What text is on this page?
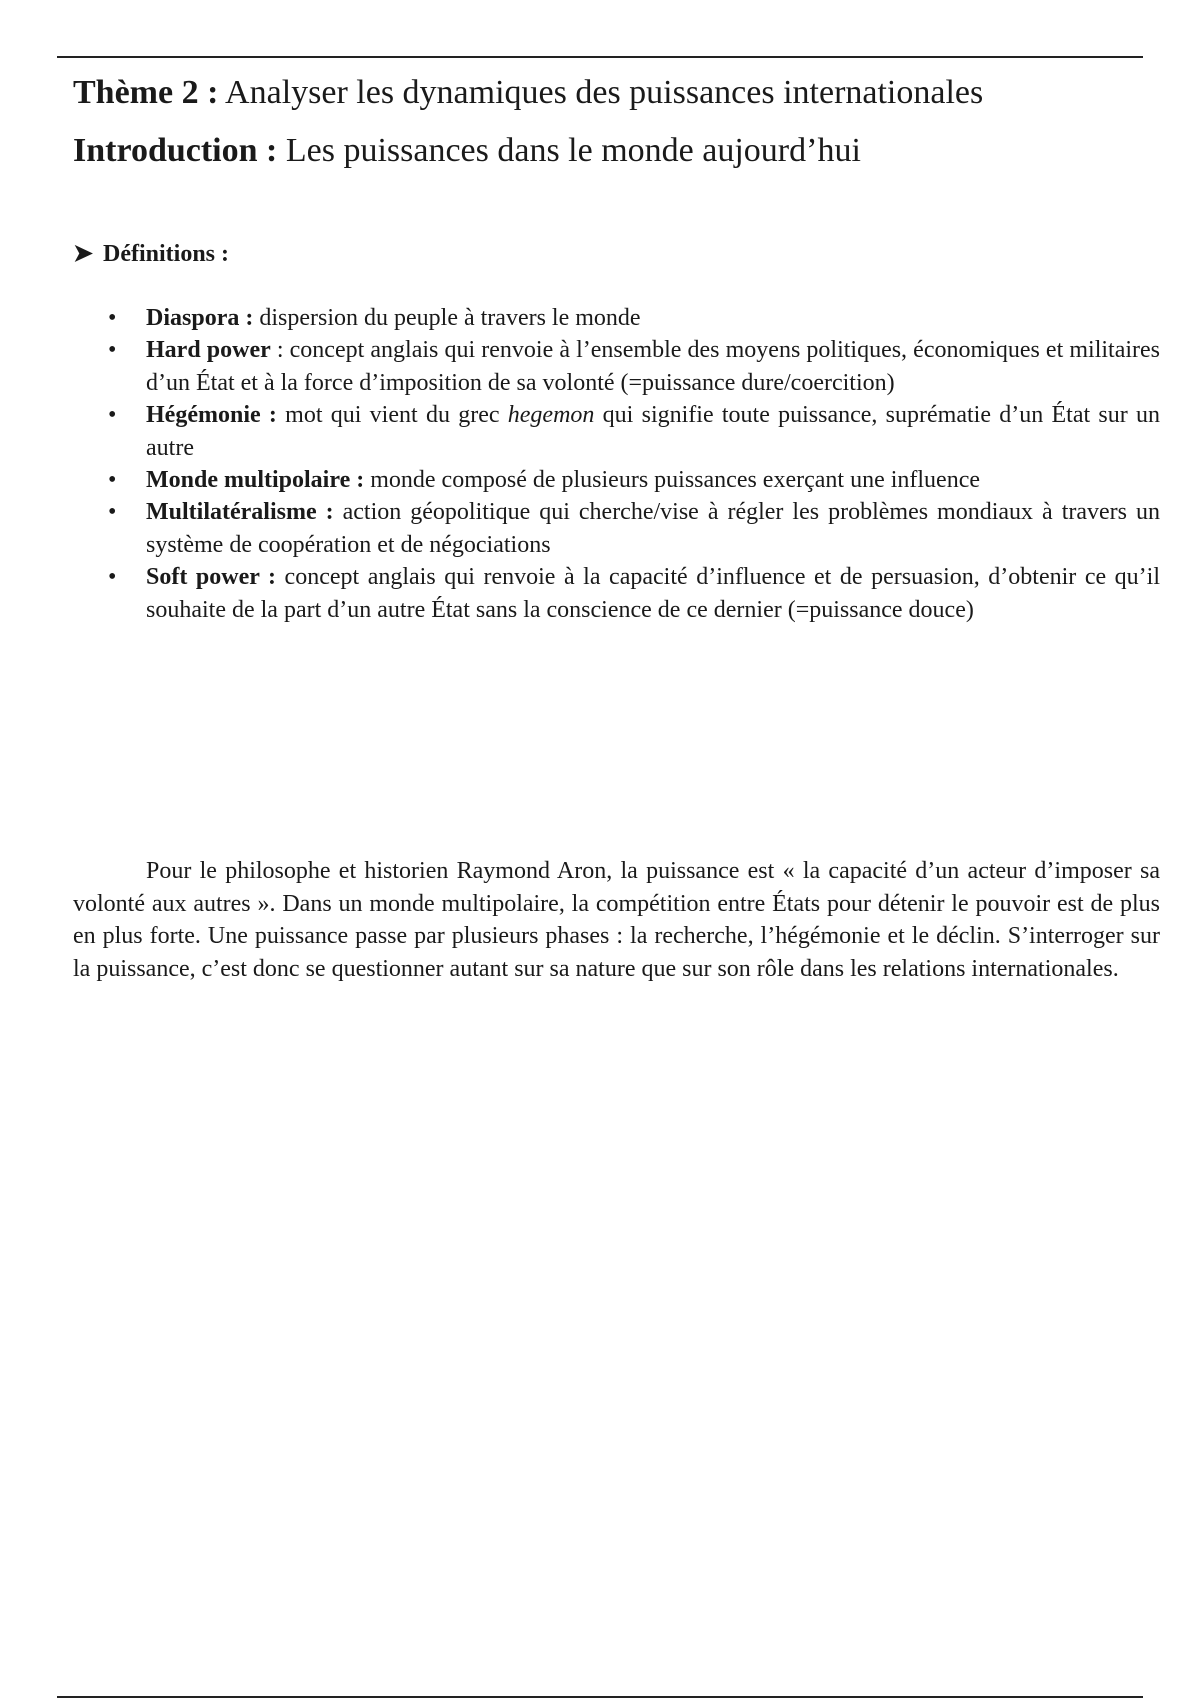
Thème 2 : Analyser les dynamiques des puissances internationales
Introduction : Les puissances dans le monde aujourd’hui
➤ Définitions :
• Diaspora : dispersion du peuple à travers le monde
• Hard power : concept anglais qui renvoie à l’ensemble des moyens politiques, économiques et militaires d’un État et à la force d’imposition de sa volonté (=puissance dure/coercition)
• Hégémonie : mot qui vient du grec hegemon qui signifie toute puissance, suprématie d’un État sur un autre
• Monde multipolaire : monde composé de plusieurs puissances exerçant une influence
• Multilatéralisme : action géopolitique qui cherche/vise à régler les problèmes mondiaux à travers un système de coopération et de négociations
• Soft power : concept anglais qui renvoie à la capacité d’influence et de persuasion, d’obtenir ce qu’il souhaite de la part d’un autre État sans la conscience de ce dernier (=puissance douce)

Pour le philosophe et historien Raymond Aron, la puissance est « la capacité d’un acteur d’imposer sa volonté aux autres ». Dans un monde multipolaire, la compétition entre États pour détenir le pouvoir est de plus en plus forte. Une puissance passe par plusieurs phases : la recherche, l’hégémonie et le déclin. S’interroger sur la puissance, c’est donc se questionner autant sur sa nature que sur son rôle dans les relations internationales.
